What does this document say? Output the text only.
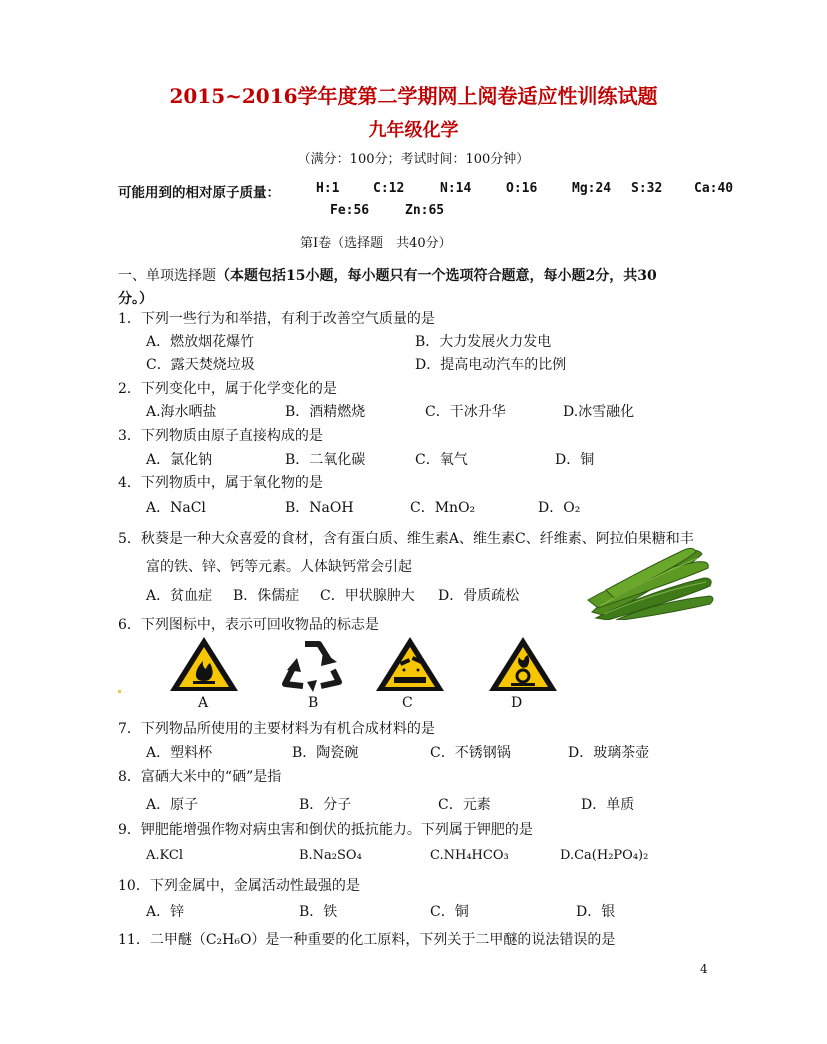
2015~2016学年度第二学期网上阅卷适应性训练试题
九年级化学
（满分：100分；考试时间：100分钟）
可能用到的相对原子质量：	H:1	C:12	N:14	O:16	Mg:24 S:32 Ca:40
Fe:56	Zn:65
第Ⅰ卷（选择题　共40分）
一、单项选择题（本题包括15小题，每小题只有一个选项符合题意，每小题2分，共30
分。）
1．下列一些行为和举措，有利于改善空气质量的是
A．燃放烟花爆竹	B．大力发展火力发电
C．露天焚烧垃圾	D．提高电动汽车的比例
2．下列变化中，属于化学变化的是
A.海水晒盐	B．酒精燃烧	C．干冰升华	D.冰雪融化
3．下列物质由原子直接构成的是
A．氯化钠	B．二氧化碳	C．氧气	D．铜
4．下列物质中，属于氧化物的是
A．NaCl	B．NaOH	C．MnO₂	D．O₂
5．秋葵是一种大众喜爱的食材，含有蛋白质、维生素A、维生素C、纤维素、阿拉伯果糖和丰
富的铁、锌、钙等元素。人体缺钙常会引起
A．贫血症 B．侏儒症 C．甲状腺肿大 D．骨质疏松
6．下列图标中，表示可回收物品的标志是
A	B	C	D
7．下列物品所使用的主要材料为有机合成材料的是
A．塑料杯	B．陶瓷碗	C．不锈钢锅	D．玻璃茶壶
8．富硒大米中的“硒”是指
A．原子	B．分子	C．元素	D．单质
9．钾肥能增强作物对病虫害和倒伏的抵抗能力。下列属于钾肥的是
A.KCl	B.Na₂SO₄	C.NH₄HCO₃	D.Ca(H₂PO₄)₂
10．下列金属中，金属活动性最强的是
A．锌	B．铁	C．铜	D．银
11．二甲醚（C₂H₆O）是一种重要的化工原料，下列关于二甲醚的说法错误的是
4
